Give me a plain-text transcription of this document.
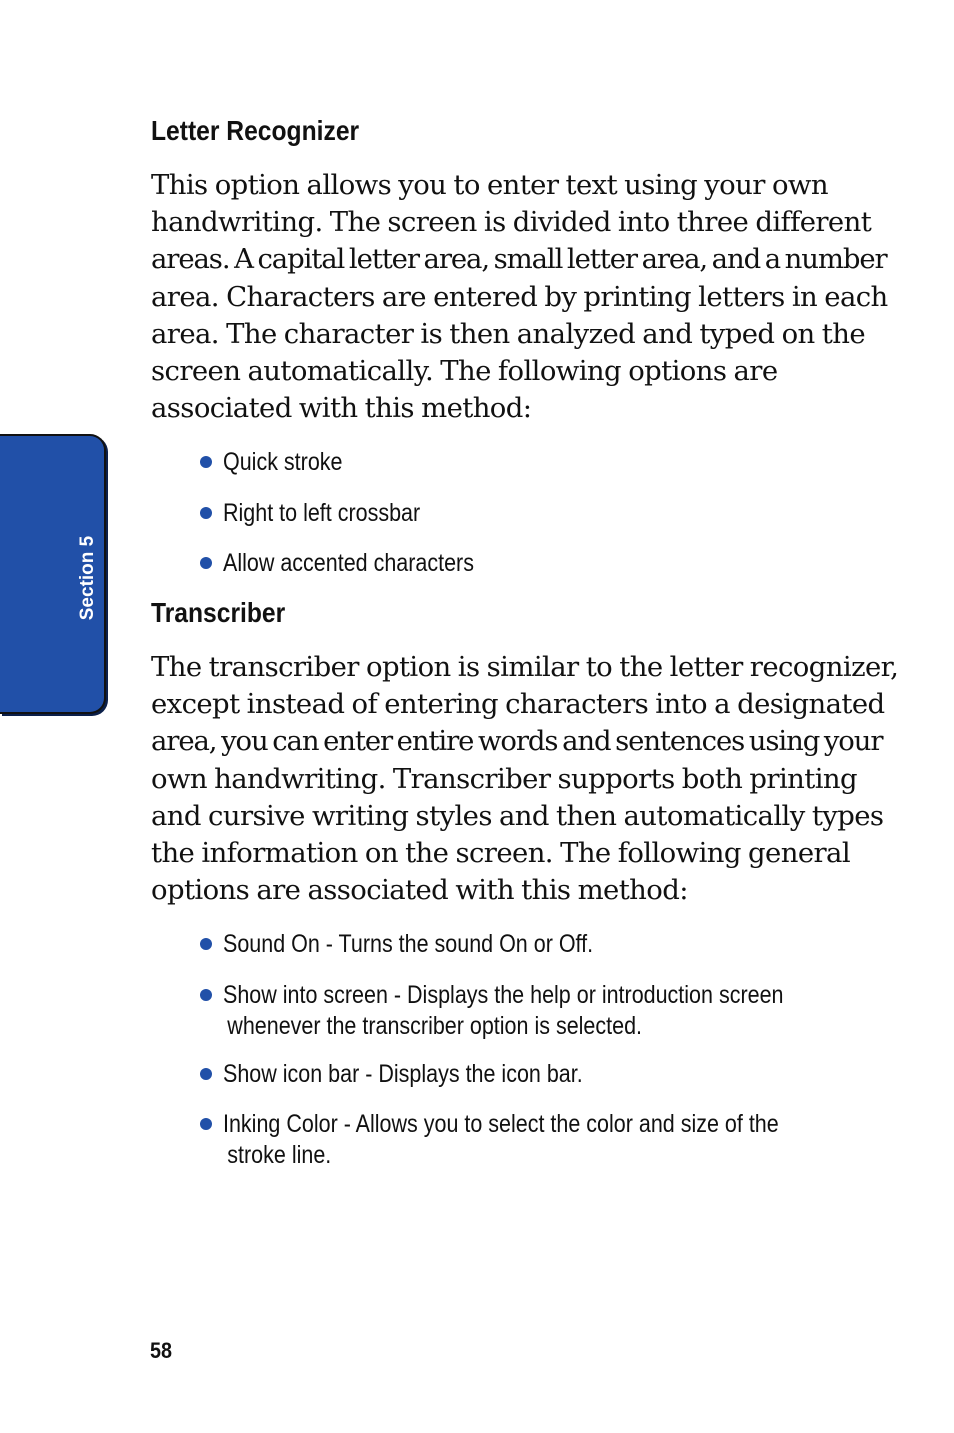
Section 5
Letter Recognizer

This option allows you to enter text using your own
handwriting. The screen is divided into three different
areas. A capital letter area, small letter area, and a number
area. Characters are entered by printing letters in each
area. The character is then analyzed and typed on the
screen automatically. The following options are
associated with this method:

Quick stroke
Right to left crossbar
Allow accented characters
Transcriber

The transcriber option is similar to the letter recognizer,
except instead of entering characters into a designated
area, you can enter entire words and sentences using your
own handwriting. Transcriber supports both printing
and cursive writing styles and then automatically types
the information on the screen. The following general
options are associated with this method:

Sound On - Turns the sound On or Off.
Show into screen - Displays the help or introduction screen
whenever the transcriber option is selected.
Show icon bar - Displays the icon bar.
Inking Color - Allows you to select the color and size of the
stroke line.
58
